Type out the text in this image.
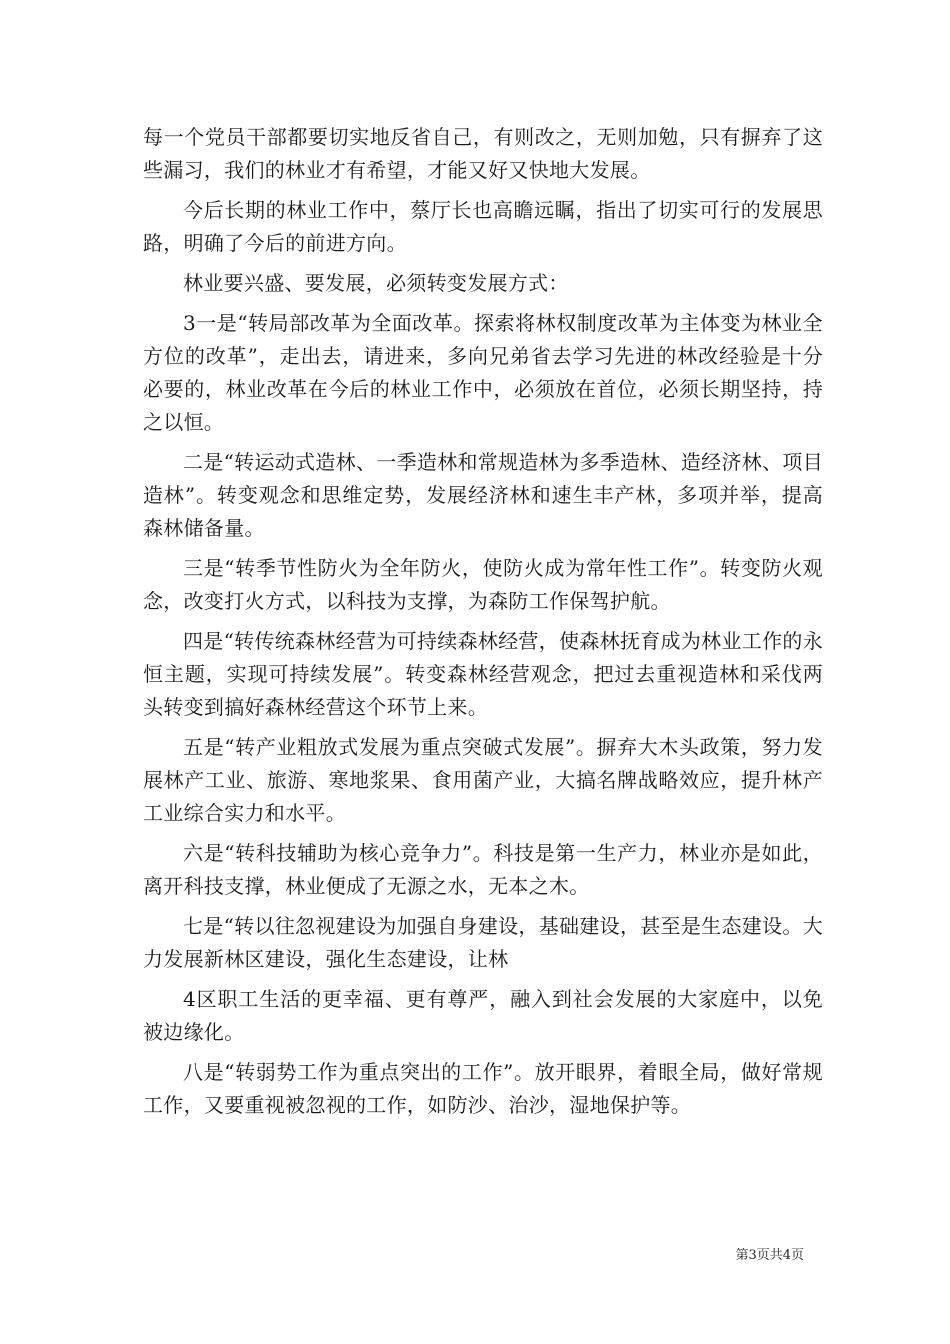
每一个党员干部都要切实地反省自己，有则改之，无则加勉，只有摒弃了这些漏习，我们的林业才有希望，才能又好又快地大发展。

今后长期的林业工作中，蔡厅长也高瞻远瞩，指出了切实可行的发展思路，明确了今后的前进方向。

林业要兴盛、要发展，必须转变发展方式：

3一是“转局部改革为全面改革。探索将林权制度改革为主体变为林业全方位的改革”，走出去，请进来，多向兄弟省去学习先进的林改经验是十分必要的，林业改革在今后的林业工作中，必须放在首位，必须长期坚持，持之以恒。

二是“转运动式造林、一季造林和常规造林为多季造林、造经济林、项目造林”。转变观念和思维定势，发展经济林和速生丰产林，多项并举，提高森林储备量。

三是“转季节性防火为全年防火，使防火成为常年性工作”。转变防火观念，改变打火方式，以科技为支撑，为森防工作保驾护航。

四是“转传统森林经营为可持续森林经营，使森林抚育成为林业工作的永恒主题，实现可持续发展”。转变森林经营观念，把过去重视造林和采伐两头转变到搞好森林经营这个环节上来。

五是“转产业粗放式发展为重点突破式发展”。摒弃大木头政策，努力发展林产工业、旅游、寒地浆果、食用菌产业，大搞名牌战略效应，提升林产工业综合实力和水平。

六是“转科技辅助为核心竞争力”。科技是第一生产力，林业亦是如此，离开科技支撑，林业便成了无源之水，无本之木。

七是“转以往忽视建设为加强自身建设，基础建设，甚至是生态建设。大力发展新林区建设，强化生态建设，让林

4区职工生活的更幸福、更有尊严，融入到社会发展的大家庭中，以免被边缘化。

八是“转弱势工作为重点突出的工作”。放开眼界，着眼全局，做好常规工作，又要重视被忽视的工作，如防沙、治沙，湿地保护等。

第3页共4页
